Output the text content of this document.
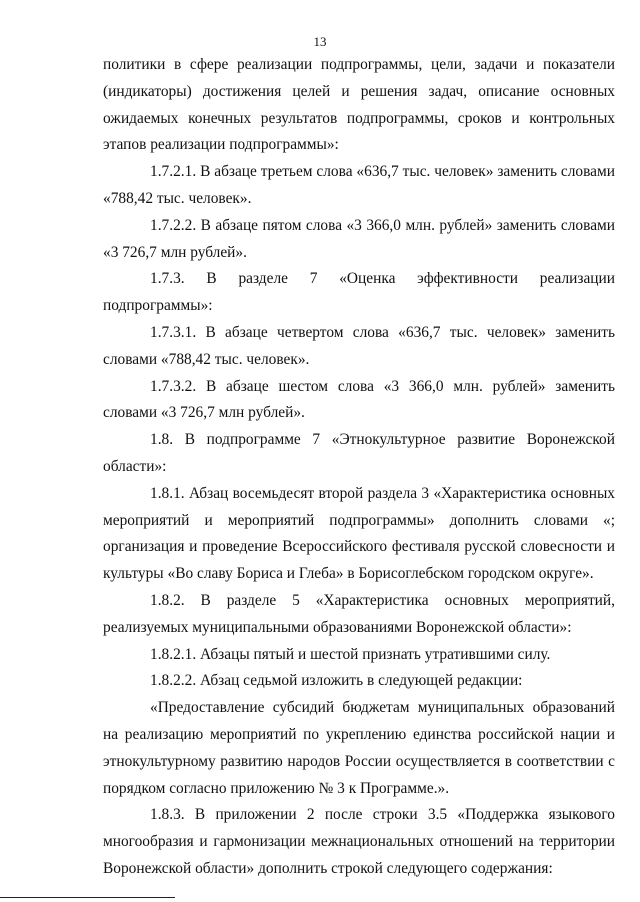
13

политики в сфере реализации подпрограммы, цели, задачи и показатели (индикаторы) достижения целей и решения задач, описание основных ожидаемых конечных результатов подпрограммы, сроков и контрольных этапов реализации подпрограммы»:

1.7.2.1. В абзаце третьем слова «636,7 тыс. человек» заменить словами «788,42 тыс. человек».

1.7.2.2. В абзаце пятом слова «3 366,0 млн. рублей» заменить словами «3 726,7 млн рублей».

1.7.3. В разделе 7 «Оценка эффективности реализации подпрограммы»:

1.7.3.1. В абзаце четвертом слова «636,7 тыс. человек» заменить словами «788,42 тыс. человек».

1.7.3.2. В абзаце шестом слова «3 366,0 млн. рублей» заменить словами «3 726,7 млн рублей».

1.8. В подпрограмме 7 «Этнокультурное развитие Воронежской области»:

1.8.1. Абзац восемьдесят второй раздела 3 «Характеристика основных мероприятий и мероприятий подпрограммы» дополнить словами «; организация и проведение Всероссийского фестиваля русской словесности и культуры «Во славу Бориса и Глеба» в Борисоглебском городском округе».

1.8.2. В разделе 5 «Характеристика основных мероприятий, реализуемых муниципальными образованиями Воронежской области»:

1.8.2.1. Абзацы пятый и шестой признать утратившими силу.

1.8.2.2. Абзац седьмой изложить в следующей редакции:

«Предоставление субсидий бюджетам муниципальных образований на реализацию мероприятий по укреплению единства российской нации и этнокультурному развитию народов России осуществляется в соответствии с порядком согласно приложению № 3 к Программе.».

1.8.3. В приложении 2 после строки 3.5 «Поддержка языкового многообразия и гармонизации межнациональных отношений на территории Воронежской области» дополнить строкой следующего содержания:
